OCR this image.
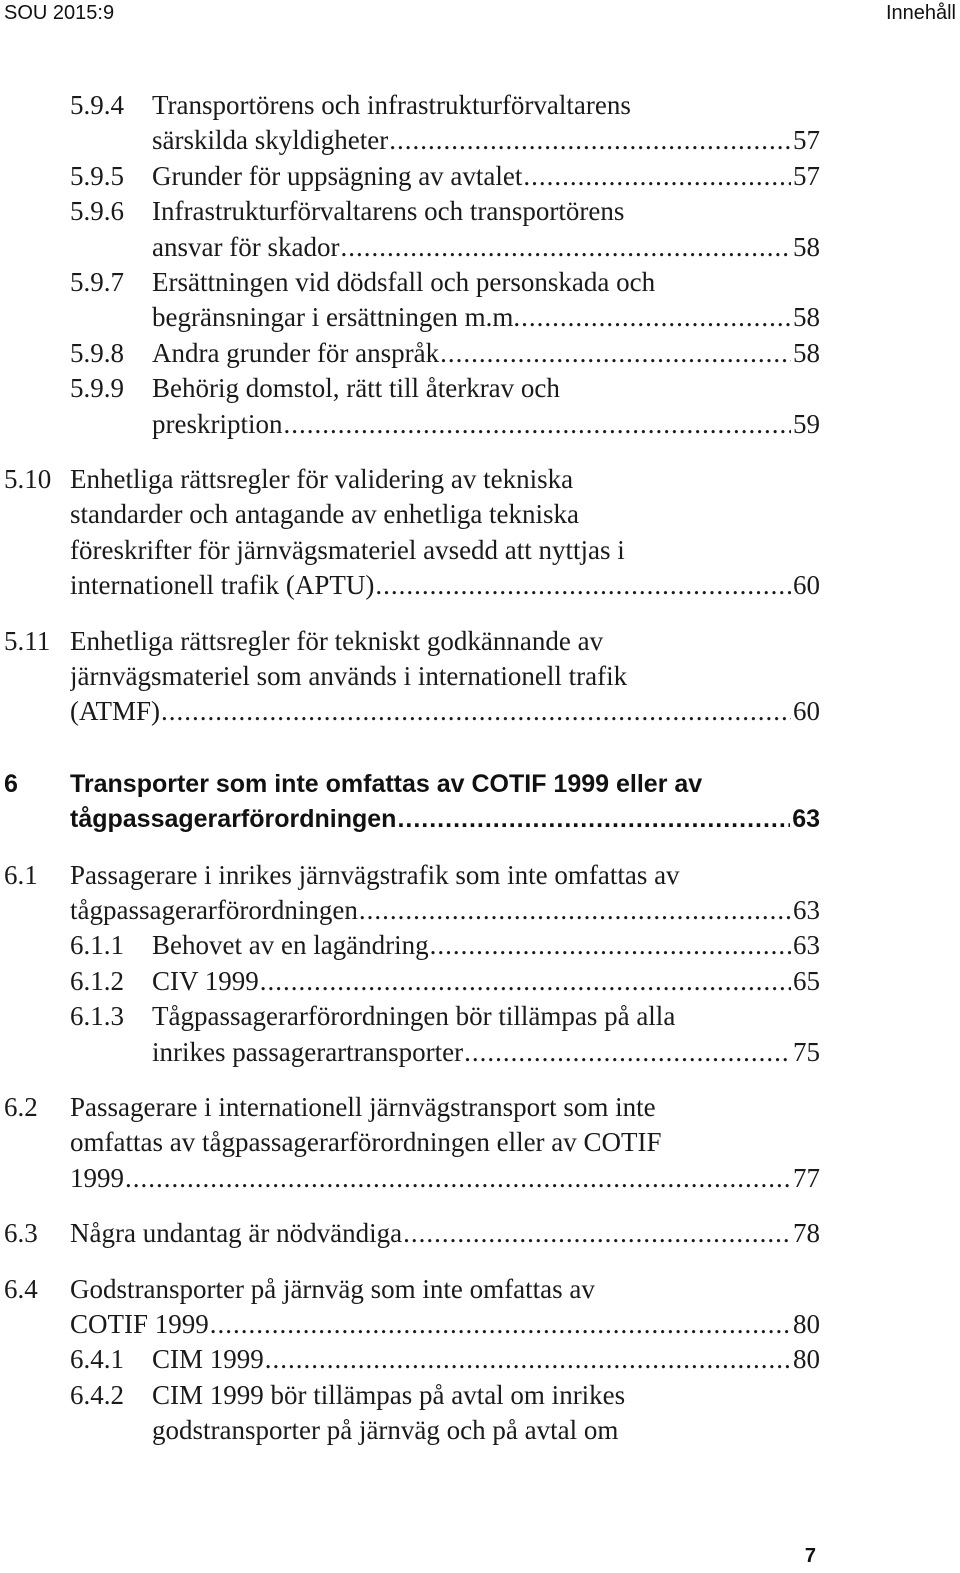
SOU 2015:9	Innehåll
5.9.4 Transportörens och infrastrukturförvaltarens
särskilda skyldigheter .....	57
5.9.5 Grunder för uppsägning av avtalet .....	57
5.9.6 Infrastrukturförvaltarens och transportörens
ansvar för skador .....	58
5.9.7 Ersättningen vid dödsfall och personskada och
begränsningar i ersättningen m.m. .....	58
5.9.8 Andra grunder för anspråk .....	58
5.9.9 Behörig domstol, rätt till återkrav och
preskription .....	59
5.10 Enhetliga rättsregler för validering av tekniska
standarder och antagande av enhetliga tekniska
föreskrifter för järnvägsmateriel avsedd att nyttjas i
internationell trafik (APTU) .....	60
5.11 Enhetliga rättsregler för tekniskt godkännande av
järnvägsmateriel som används i internationell trafik
(ATMF) .....	60
6 Transporter som inte omfattas av COTIF 1999 eller av
tågpassagerarförordningen .....	63
6.1 Passagerare i inrikes järnvägstrafik som inte omfattas av
tågpassagerarförordningen .....	63
6.1.1 Behovet av en lagändring .....	63
6.1.2 CIV 1999 .....	65
6.1.3 Tågpassagerarförordningen bör tillämpas på alla
inrikes passagerartransporter .....	75
6.2 Passagerare i internationell järnvägstransport som inte
omfattas av tågpassagerarförordningen eller av COTIF
1999 .....	77
6.3 Några undantag är nödvändiga .....	78
6.4 Godstransporter på järnväg som inte omfattas av
COTIF 1999 .....	80
6.4.1 CIM 1999 .....	80
6.4.2 CIM 1999 bör tillämpas på avtal om inrikes
godstransporter på järnväg och på avtal om
7
